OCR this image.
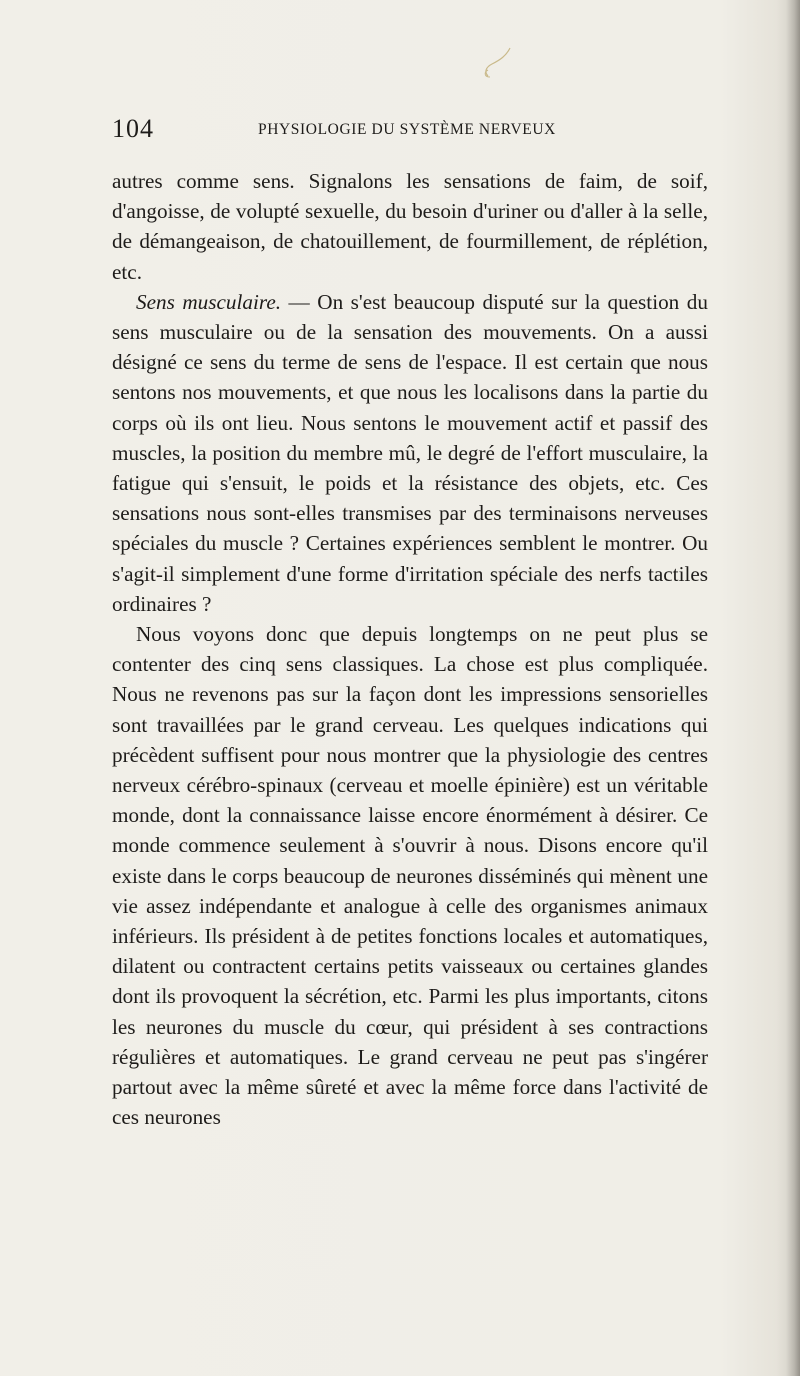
104	PHYSIOLOGIE DU SYSTÈME NERVEUX

autres comme sens. Signalons les sensations de faim, de soif, d'angoisse, de volupté sexuelle, du besoin d'uriner ou d'aller à la selle, de démangeaison, de chatouillement, de fourmillement, de réplétion, etc.

Sens musculaire. — On s'est beaucoup disputé sur la question du sens musculaire ou de la sensation des mouvements. On a aussi désigné ce sens du terme de sens de l'espace. Il est certain que nous sentons nos mouvements, et que nous les localisons dans la partie du corps où ils ont lieu. Nous sentons le mouvement actif et passif des muscles, la position du membre mû, le degré de l'effort musculaire, la fatigue qui s'ensuit, le poids et la résistance des objets, etc. Ces sensations nous sont-elles transmises par des terminaisons nerveuses spéciales du muscle ? Certaines expériences semblent le montrer. Ou s'agit-il simplement d'une forme d'irritation spéciale des nerfs tactiles ordinaires ?

Nous voyons donc que depuis longtemps on ne peut plus se contenter des cinq sens classiques. La chose est plus compliquée. Nous ne revenons pas sur la façon dont les impressions sensorielles sont travaillées par le grand cerveau. Les quelques indications qui précèdent suffisent pour nous montrer que la physiologie des centres nerveux cérébro-spinaux (cerveau et moelle épinière) est un véritable monde, dont la connaissance laisse encore énormément à désirer. Ce monde commence seulement à s'ouvrir à nous. Disons encore qu'il existe dans le corps beaucoup de neurones disséminés qui mènent une vie assez indépendante et analogue à celle des organismes animaux inférieurs. Ils président à de petites fonctions locales et automatiques, dilatent ou contractent certains petits vaisseaux ou certaines glandes dont ils provoquent la sécrétion, etc. Parmi les plus importants, citons les neurones du muscle du cœur, qui président à ses contractions régulières et automatiques. Le grand cerveau ne peut pas s'ingérer partout avec la même sûreté et avec la même force dans l'activité de ces neurones
